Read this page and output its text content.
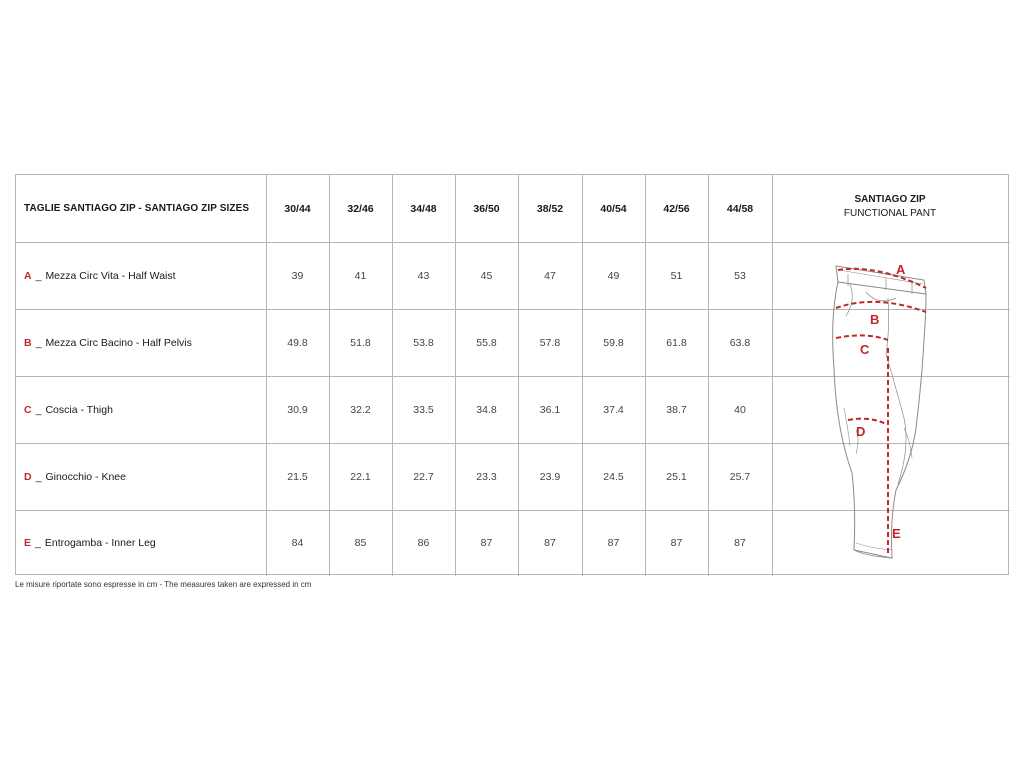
TAGLIE SANTIAGO ZIP - SANTIAGO ZIP SIZES	30/44	32/46	34/48	36/50	38/52	40/54	42/56	44/58
A _ Mezza Circ Vita - Half Waist	39	41	43	45	47	49	51	53
B _ Mezza Circ Bacino - Half Pelvis	49.8	51.8	53.8	55.8	57.8	59.8	61.8	63.8
C _ Coscia - Thigh	30.9	32.2	33.5	34.8	36.1	37.4	38.7	40
D _ Ginocchio - Knee	21.5	22.1	22.7	23.3	23.9	24.5	25.1	25.7
E _ Entrogamba - Inner Leg	84	85	86	87	87	87	87	87
SANTIAGO ZIP
FUNCTIONAL PANT
A
B
C
D
E
Le misure riportate sono espresse in cm - The measures taken are expressed in cm
